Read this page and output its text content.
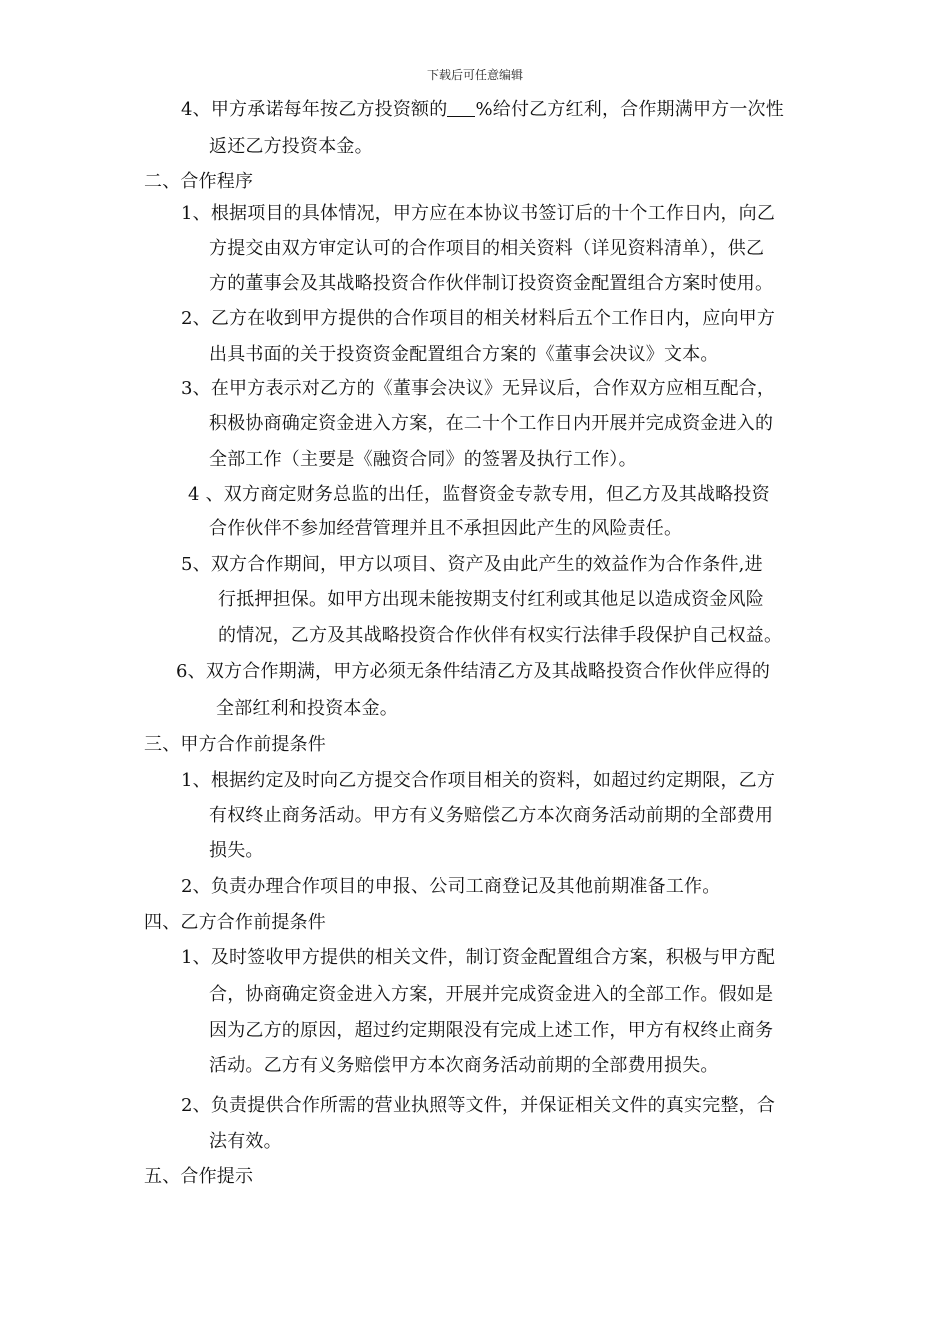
下载后可任意编辑
4、甲方承诺每年按乙方投资额的 %给付乙方红利，合作期满甲方一次性
返还乙方投资本金。
二、合作程序
1、根据项目的具体情况，甲方应在本协议书签订后的十个工作日内，向乙
方提交由双方审定认可的合作项目的相关资料（详见资料清单），供乙
方的董事会及其战略投资合作伙伴制订投资资金配置组合方案时使用。
2、乙方在收到甲方提供的合作项目的相关材料后五个工作日内，应向甲方
出具书面的关于投资资金配置组合方案的《董事会决议》文本。
3、在甲方表示对乙方的《董事会决议》无异议后，合作双方应相互配合，
积极协商确定资金进入方案，在二十个工作日内开展并完成资金进入的
全部工作（主要是《融资合同》的签署及执行工作）。
4 、双方商定财务总监的出任，监督资金专款专用，但乙方及其战略投资
合作伙伴不参加经营管理并且不承担因此产生的风险责任。
5、双方合作期间，甲方以项目、资产及由此产生的效益作为合作条件,进
行抵押担保。如甲方出现未能按期支付红利或其他足以造成资金风险
的情况，乙方及其战略投资合作伙伴有权实行法律手段保护自己权益。
6、双方合作期满，甲方必须无条件结清乙方及其战略投资合作伙伴应得的
全部红利和投资本金。
三、甲方合作前提条件
1、根据约定及时向乙方提交合作项目相关的资料，如超过约定期限，乙方
有权终止商务活动。甲方有义务赔偿乙方本次商务活动前期的全部费用
损失。
2、负责办理合作项目的申报、公司工商登记及其他前期准备工作。
四、乙方合作前提条件
1、及时签收甲方提供的相关文件，制订资金配置组合方案，积极与甲方配
合，协商确定资金进入方案，开展并完成资金进入的全部工作。假如是
因为乙方的原因，超过约定期限没有完成上述工作，甲方有权终止商务
活动。乙方有义务赔偿甲方本次商务活动前期的全部费用损失。
2、负责提供合作所需的营业执照等文件，并保证相关文件的真实完整，合
法有效。
五、合作提示
